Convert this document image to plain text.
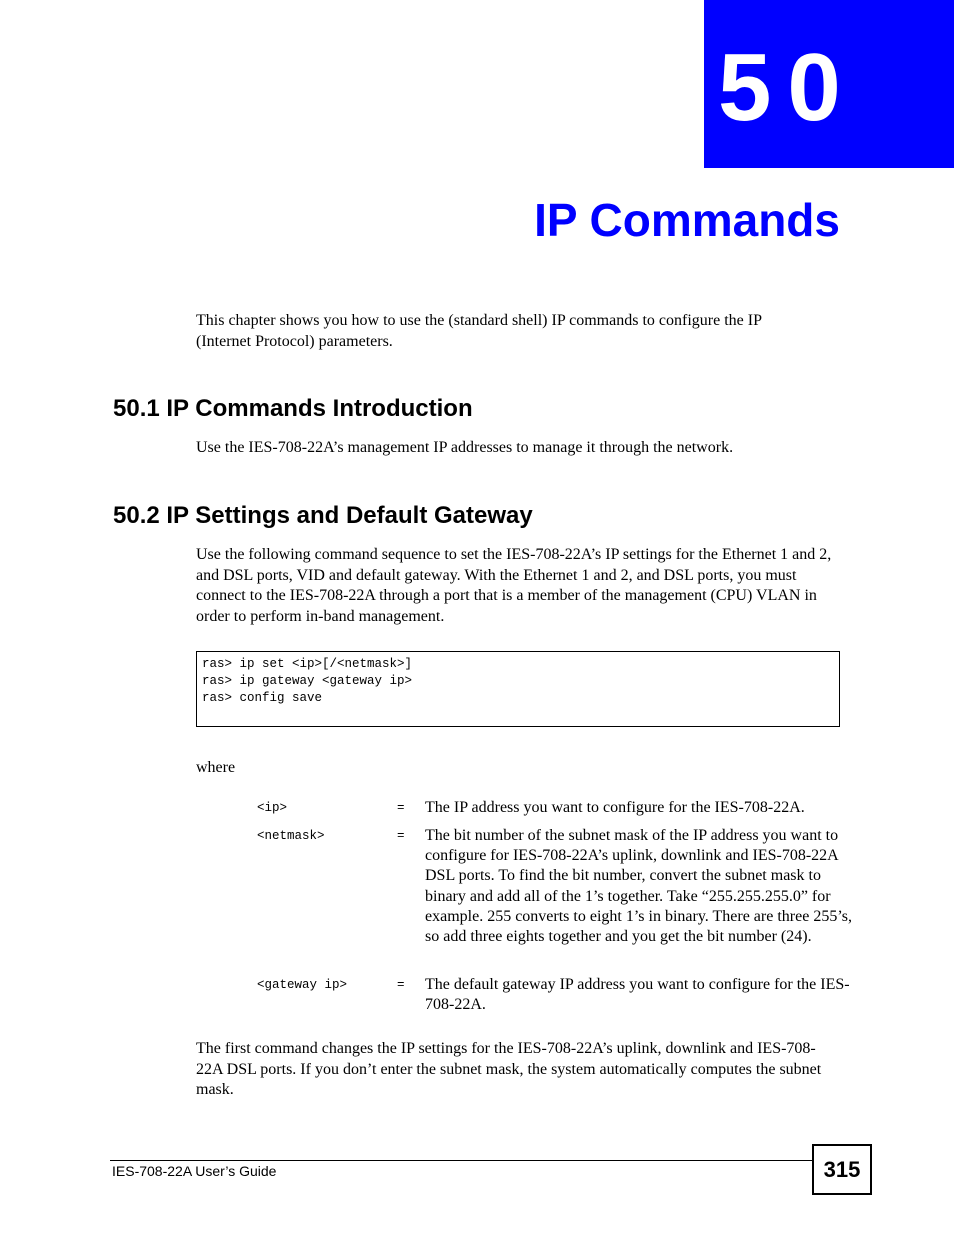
50
IP Commands

This chapter shows you how to use the (standard shell) IP commands to configure the IP (Internet Protocol) parameters.

50.1 IP Commands Introduction

Use the IES-708-22A’s management IP addresses to manage it through the network.

50.2 IP Settings and Default Gateway

Use the following command sequence to set the IES-708-22A’s IP settings for the Ethernet 1 and 2, and DSL ports, VID and default gateway. With the Ethernet 1 and 2, and DSL ports, you must connect to the IES-708-22A through a port that is a member of the management (CPU) VLAN in order to perform in-band management.

ras> ip set <ip>[/<netmask>]
ras> ip gateway <gateway ip>
ras> config save

where

<ip>	= The IP address you want to configure for the IES-708-22A.
<netmask>	= The bit number of the subnet mask of the IP address you want to configure for IES-708-22A’s uplink, downlink and IES-708-22A DSL ports. To find the bit number, convert the subnet mask to binary and add all of the 1’s together. Take “255.255.255.0” for example. 255 converts to eight 1’s in binary. There are three 255’s, so add three eights together and you get the bit number (24).
<gateway ip>	= The default gateway IP address you want to configure for the IES-708-22A.

The first command changes the IP settings for the IES-708-22A’s uplink, downlink and IES-708-22A DSL ports. If you don’t enter the subnet mask, the system automatically computes the subnet mask.

IES-708-22A User’s Guide	315
